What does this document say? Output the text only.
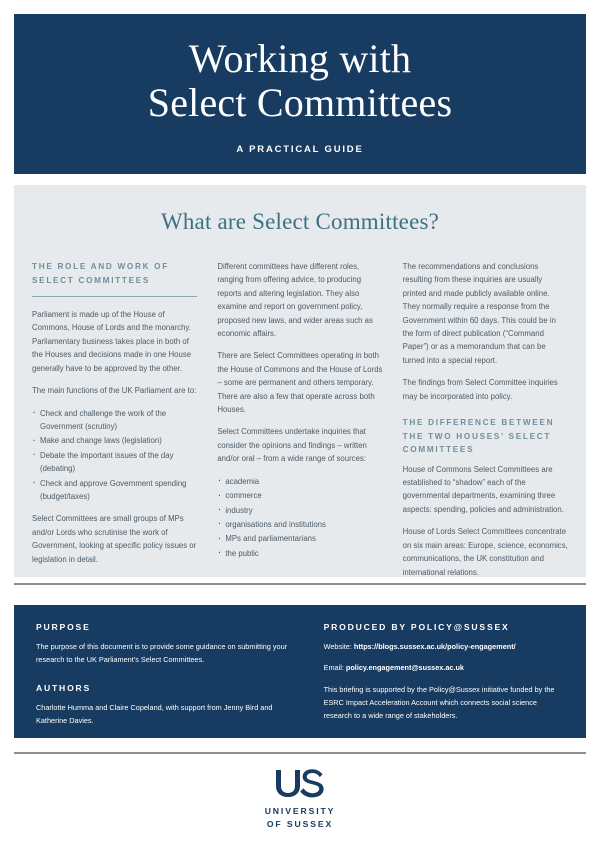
Working with
Select Committees
A PRACTICAL GUIDE
What are Select Committees?
THE ROLE AND WORK OF SELECT COMMITTEES

Parliament is made up of the House of Commons, House of Lords and the monarchy. Parliamentary business takes place in both of the Houses and decisions made in one House generally have to be approved by the other.

The main functions of the UK Parliament are to:

· Check and challenge the work of the Government (scrutiny)
· Make and change laws (legislation)
· Debate the important issues of the day (debating)
· Check and approve Government spending (budget/taxes)

Select Committees are small groups of MPs and/or Lords who scrutinise the work of Government, looking at specific policy issues or legislation in detail.

Different committees have different roles, ranging from offering advice, to producing reports and altering legislation. They also examine and report on government policy, proposed new laws, and wider areas such as economic affairs.

There are Select Committees operating in both the House of Commons and the House of Lords – some are permanent and others temporary. There are also a few that operate across both Houses.

Select Committees undertake inquiries that consider the opinions and findings – written and/or oral – from a wide range of sources:

· academia
· commerce
· industry
· organisations and institutions
· MPs and parliamentarians
· the public

The recommendations and conclusions resulting from these inquiries are usually printed and made publicly available online. They normally require a response from the Government within 60 days. This could be in the form of direct publication (“Command Paper”) or as a memorandum that can be turned into a special report.

The findings from Select Committee inquiries may be incorporated into policy.

THE DIFFERENCE BETWEEN THE TWO HOUSES’ SELECT COMMITTEES

House of Commons Select Committees are established to “shadow” each of the governmental departments, examining three aspects: spending, policies and administration.

House of Lords Select Committees concentrate on six main areas: Europe, science, economics, communications, the UK constitution and international relations.

PURPOSE

The purpose of this document is to provide some guidance on submitting your research to the UK Parliament’s Select Committees.

AUTHORS

Charlotte Humma and Claire Copeland, with support from Jenny Bird and Katherine Davies.

PRODUCED BY POLICY@SUSSEX

Website: https://blogs.sussex.ac.uk/policy-engagement/

Email: policy.engagement@sussex.ac.uk

This briefing is supported by the Policy@Sussex initiative funded by the ESRC Impact Acceleration Account which connects social science research to a wide range of stakeholders.

UNIVERSITY
OF SUSSEX
